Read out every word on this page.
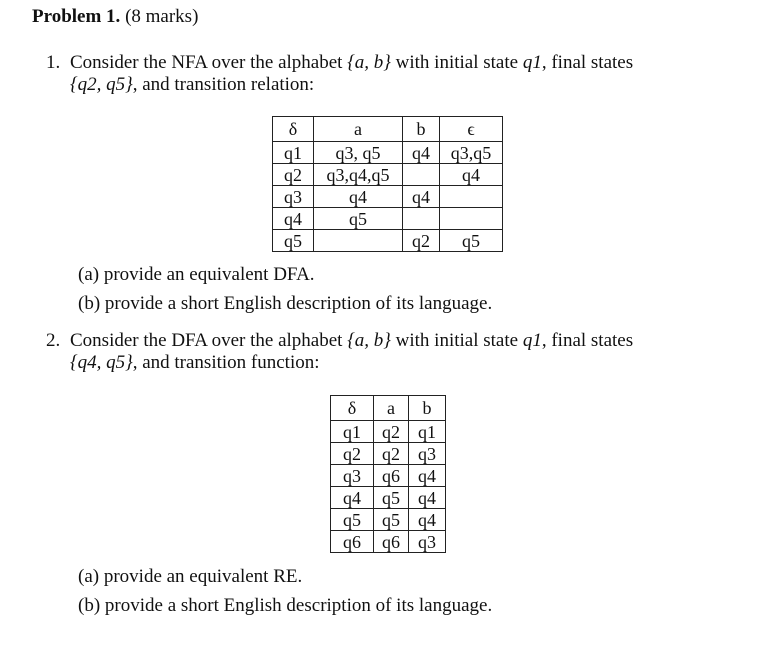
Problem 1. (8 marks)
1. Consider the NFA over the alphabet {a, b} with initial state q1, final states
{q2, q5}, and transition relation:
δ	a	b	ϵ
q1	q3, q5	q4	q3,q5
q2	q3,q4,q5		q4
q3	q4	q4	
q4	q5		
q5		q2	q5
(a) provide an equivalent DFA.
(b) provide a short English description of its language.
2. Consider the DFA over the alphabet {a, b} with initial state q1, final states
{q4, q5}, and transition function:
δ	a	b
q1	q2	q1
q2	q2	q3
q3	q6	q4
q4	q5	q4
q5	q5	q4
q6	q6	q3
(a) provide an equivalent RE.
(b) provide a short English description of its language.
